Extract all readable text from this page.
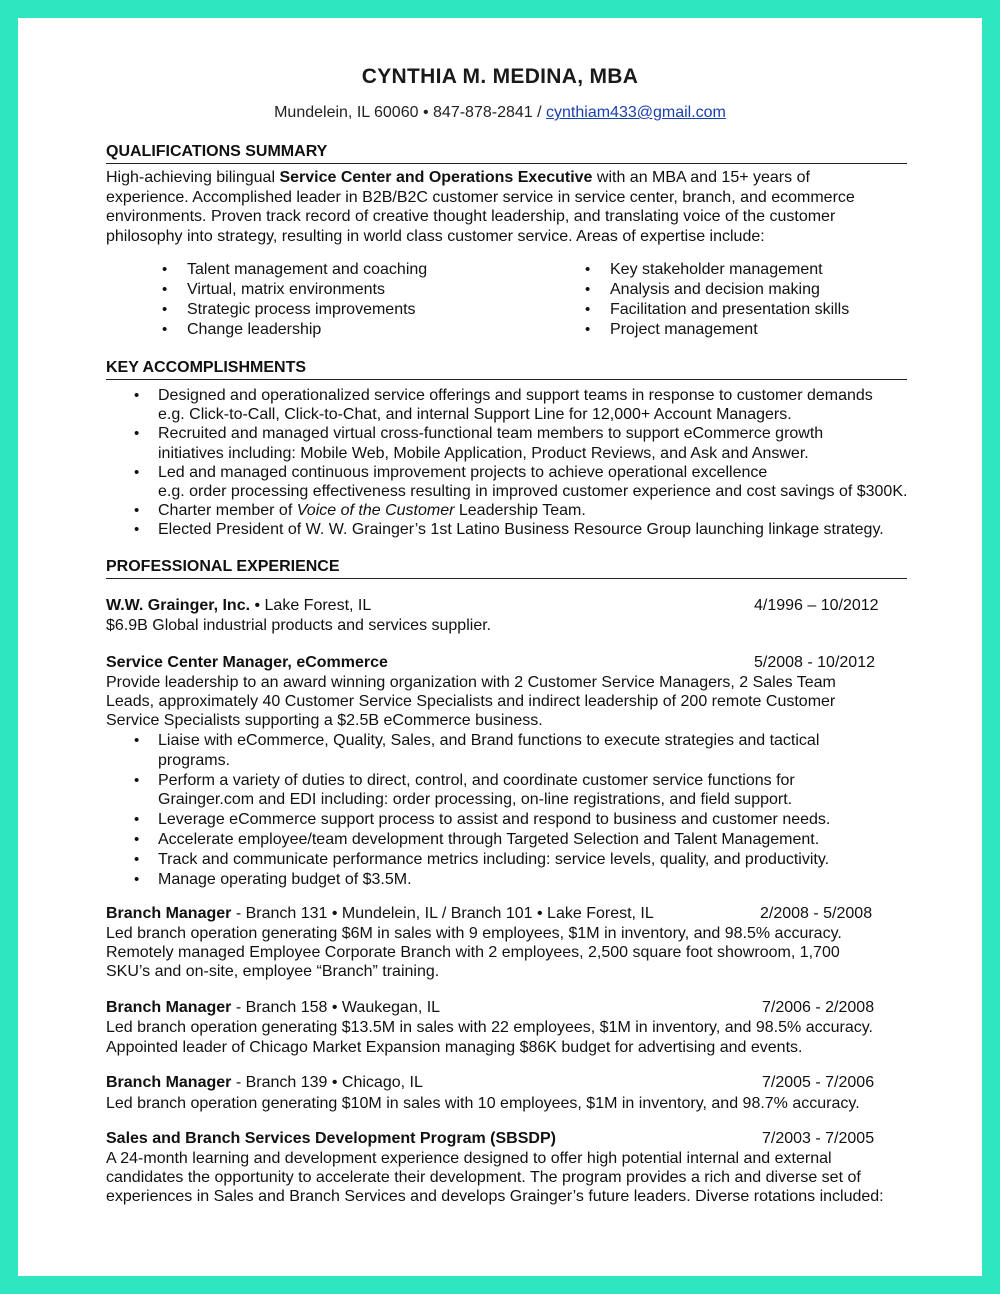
CYNTHIA M. MEDINA, MBA
Mundelein, IL 60060 • 847-878-2841 / cynthiam433@gmail.com
QUALIFICATIONS SUMMARY

High-achieving bilingual Service Center and Operations Executive with an MBA and 15+ years of

experience. Accomplished leader in B2B/B2C customer service in service center, branch, and ecommerce

environments. Proven track record of creative thought leadership, and translating voice of the customer

philosophy into strategy, resulting in world class customer service. Areas of expertise include:

• Talent management and coaching
• Virtual, matrix environments
• Strategic process improvements
• Change leadership
• Key stakeholder management
• Analysis and decision making
• Facilitation and presentation skills
• Project management
KEY ACCOMPLISHMENTS
• Designed and operationalized service offerings and support teams in response to customer demands
e.g. Click-to-Call, Click-to-Chat, and internal Support Line for 12,000+ Account Managers.
• Recruited and managed virtual cross-functional team members to support eCommerce growth
initiatives including: Mobile Web, Mobile Application, Product Reviews, and Ask and Answer.
• Led and managed continuous improvement projects to achieve operational excellence
e.g. order processing effectiveness resulting in improved customer experience and cost savings of $300K.
• Charter member of Voice of the Customer Leadership Team.
• Elected President of W. W. Grainger’s 1st Latino Business Resource Group launching linkage strategy.
PROFESSIONAL EXPERIENCE
W.W. Grainger, Inc. • Lake Forest, IL	4/1996 – 10/2012
$6.9B Global industrial products and services supplier.
Service Center Manager, eCommerce	5/2008 - 10/2012

Provide leadership to an award winning organization with 2 Customer Service Managers, 2 Sales Team

Leads, approximately 40 Customer Service Specialists and indirect leadership of 200 remote Customer

Service Specialists supporting a $2.5B eCommerce business.

• Liaise with eCommerce, Quality, Sales, and Brand functions to execute strategies and tactical
programs.
• Perform a variety of duties to direct, control, and coordinate customer service functions for
Grainger.com and EDI including: order processing, on-line registrations, and field support.
• Leverage eCommerce support process to assist and respond to business and customer needs.
• Accelerate employee/team development through Targeted Selection and Talent Management.
• Track and communicate performance metrics including: service levels, quality, and productivity.
• Manage operating budget of $3.5M.
Branch Manager - Branch 131 • Mundelein, IL / Branch 101 • Lake Forest, IL	2/2008 - 5/2008

Led branch operation generating $6M in sales with 9 employees, $1M in inventory, and 98.5% accuracy.

Remotely managed Employee Corporate Branch with 2 employees, 2,500 square foot showroom, 1,700

SKU’s and on-site, employee “Branch” training.

Branch Manager - Branch 158 • Waukegan, IL	7/2006 - 2/2008

Led branch operation generating $13.5M in sales with 22 employees, $1M in inventory, and 98.5% accuracy.

Appointed leader of Chicago Market Expansion managing $86K budget for advertising and events.

Branch Manager - Branch 139 • Chicago, IL	7/2005 - 7/2006

Led branch operation generating $10M in sales with 10 employees, $1M in inventory, and 98.7% accuracy.

Sales and Branch Services Development Program (SBSDP)	7/2003 - 7/2005

A 24-month learning and development experience designed to offer high potential internal and external

candidates the opportunity to accelerate their development. The program provides a rich and diverse set of

experiences in Sales and Branch Services and develops Grainger’s future leaders. Diverse rotations included:
